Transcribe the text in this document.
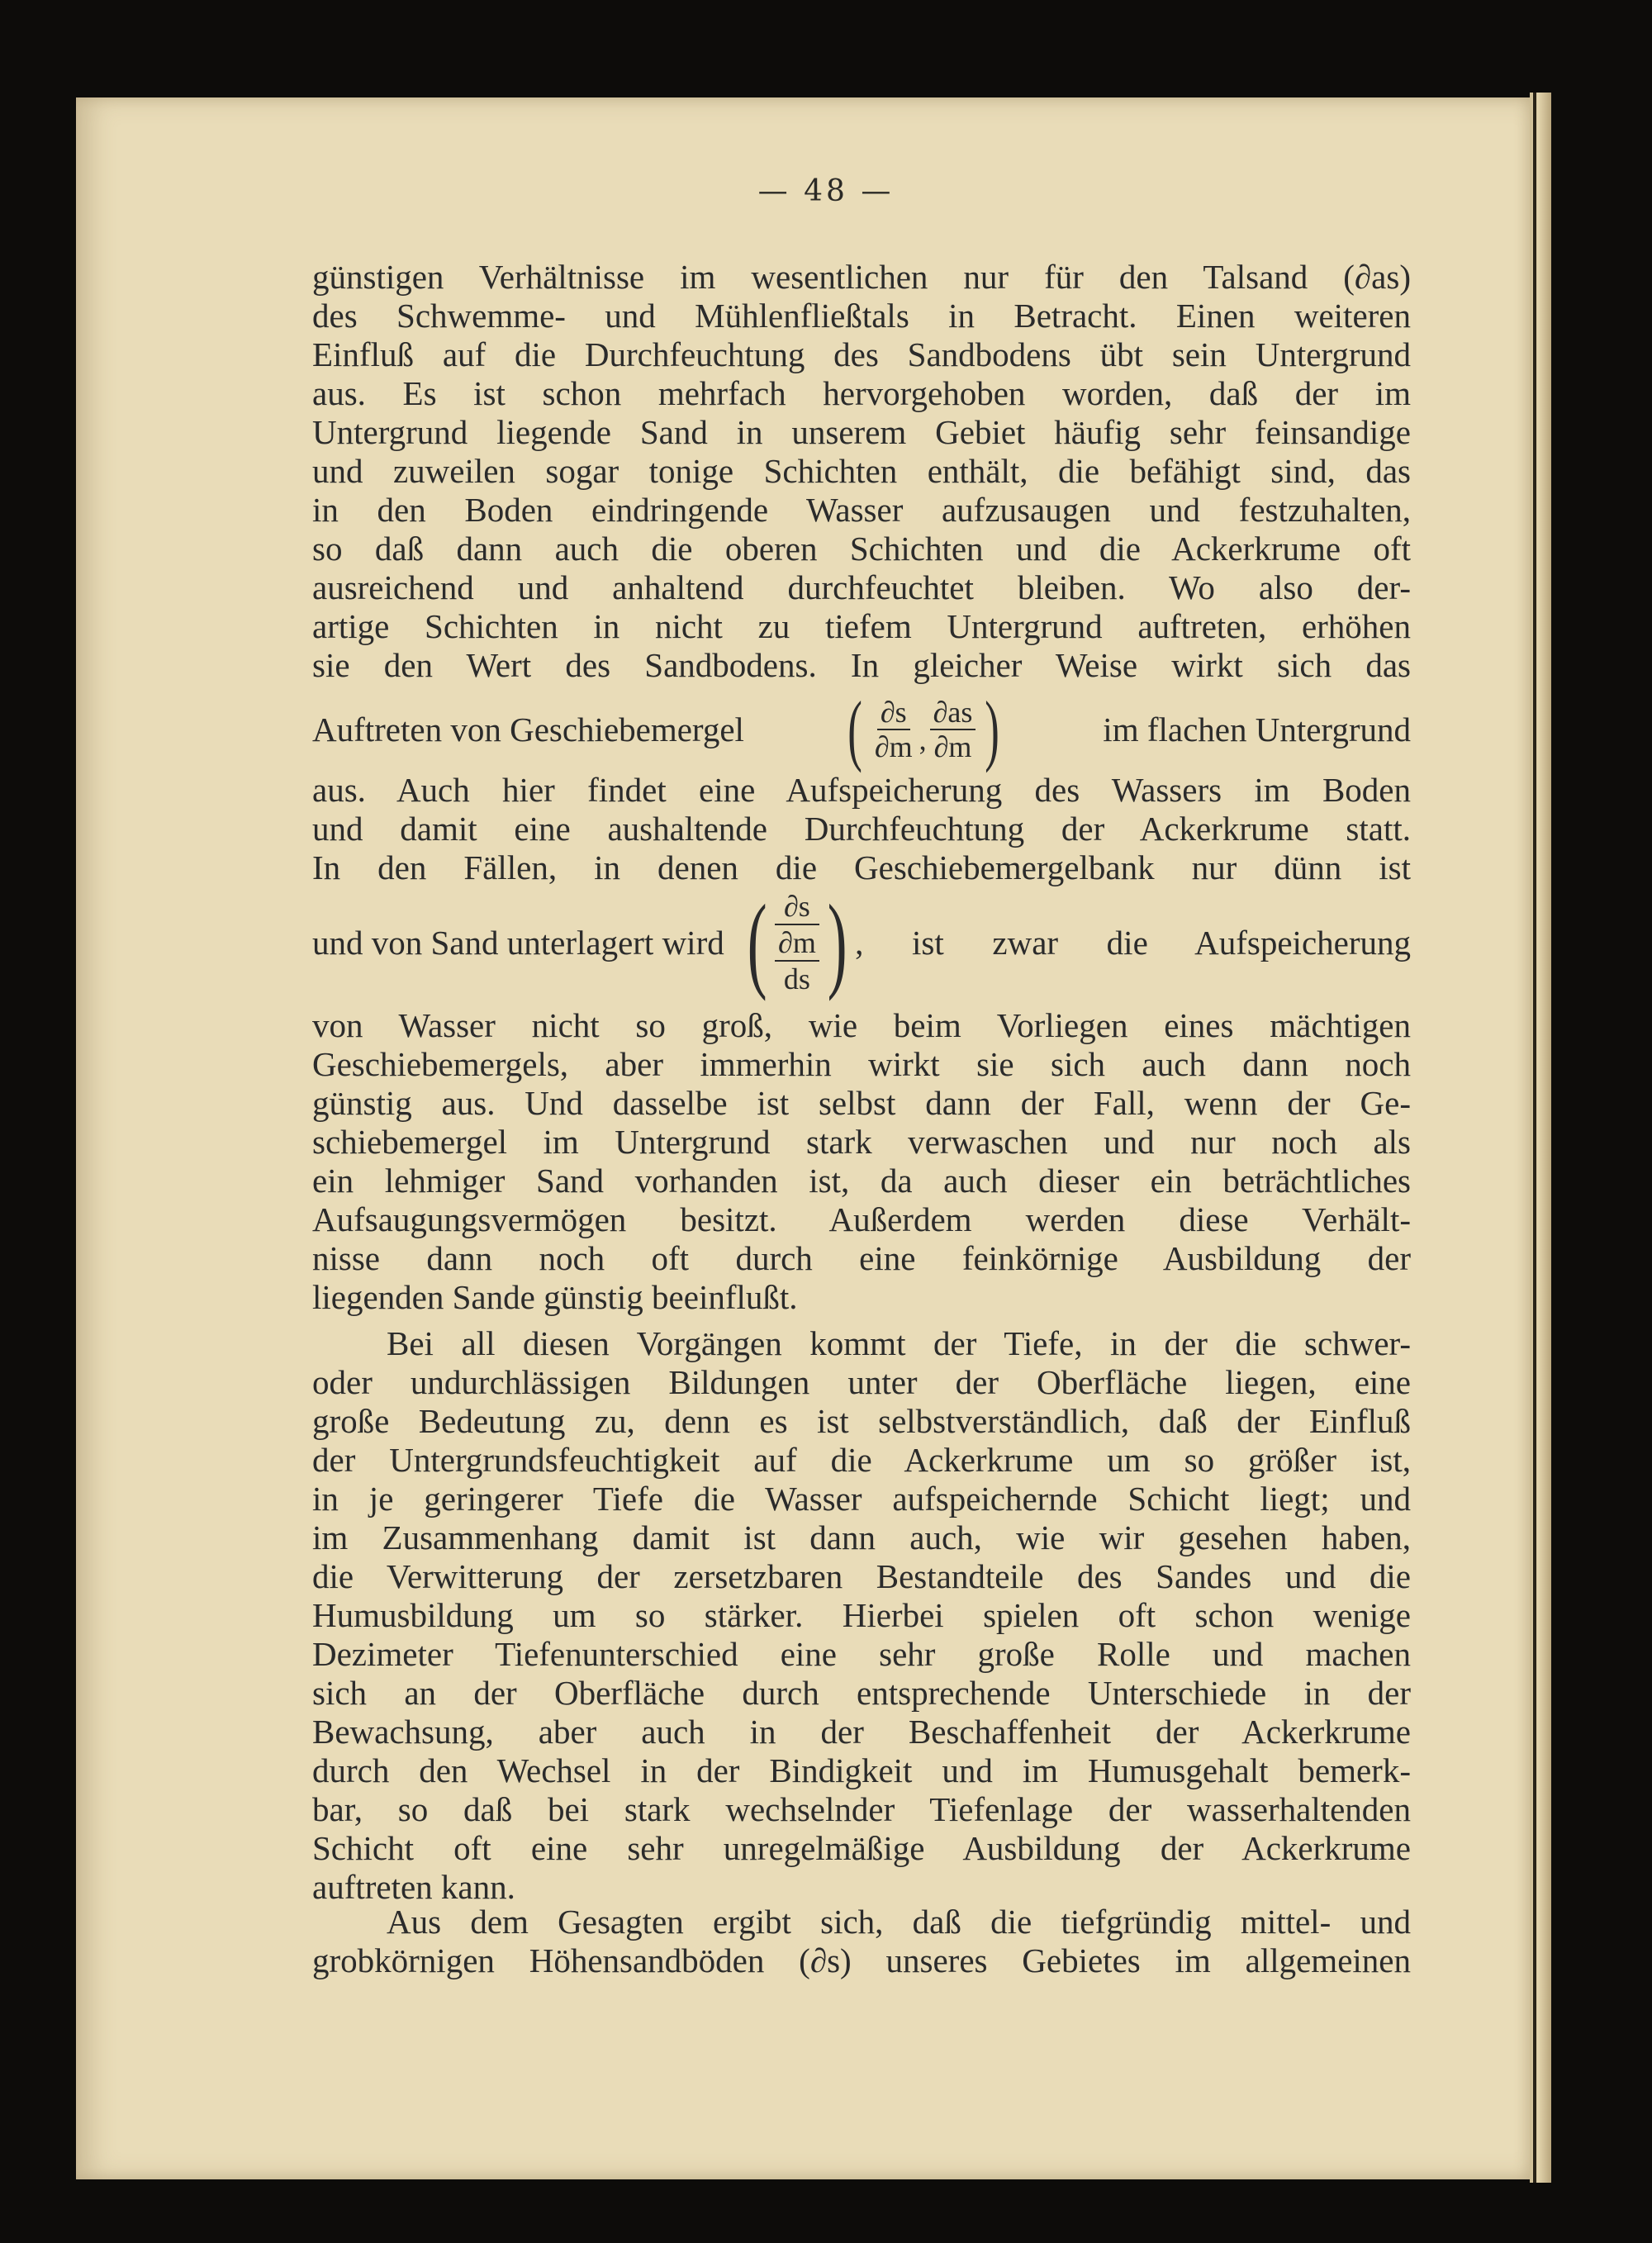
— 48 —
günstigen Verhältnisse im wesentlichen nur für den Talsand (∂as)
des Schwemme- und Mühlenfließtals in Betracht. Einen weiteren
Einfluß auf die Durchfeuchtung des Sandbodens übt sein Untergrund
aus. Es ist schon mehrfach hervorgehoben worden, daß der im
Untergrund liegende Sand in unserem Gebiet häufig sehr feinsandige
und zuweilen sogar tonige Schichten enthält, die befähigt sind, das
in den Boden eindringende Wasser aufzusaugen und festzuhalten,
so daß dann auch die oberen Schichten und die Ackerkrume oft
ausreichend und anhaltend durchfeuchtet bleiben. Wo also der-
artige Schichten in nicht zu tiefem Untergrund auftreten, erhöhen
sie den Wert des Sandbodens. In gleicher Weise wirkt sich das
Auftreten von Geschiebemergel ( $\frac{\partial s}{\partial m}$ , $\frac{\partial as}{\partial m}$ )	im flachen Untergrund
aus. Auch hier findet eine Aufspeicherung des Wassers im Boden
und damit eine aushaltende Durchfeuchtung der Ackerkrume statt.
In den Fällen, in denen die Geschiebemergelbank nur dünn ist
und von Sand unterlagert wird ( ∂s
∂m
ds ) , ist zwar die Aufspeicherung
von Wasser nicht so groß, wie beim Vorliegen eines mächtigen
Geschiebemergels, aber immerhin wirkt sie sich auch dann noch
günstig aus. Und dasselbe ist selbst dann der Fall, wenn der Ge-
schiebemergel im Untergrund stark verwaschen und nur noch als
ein lehmiger Sand vorhanden ist, da auch dieser ein beträchtliches
Aufsaugungsvermögen besitzt. Außerdem werden diese Verhält-
nisse dann noch oft durch eine feinkörnige Ausbildung der
liegenden Sande günstig beeinflußt.
Bei all diesen Vorgängen kommt der Tiefe, in der die schwer-
oder undurchlässigen Bildungen unter der Oberfläche liegen, eine
große Bedeutung zu, denn es ist selbstverständlich, daß der Einfluß
der Untergrundsfeuchtigkeit auf die Ackerkrume um so größer ist,
in je geringerer Tiefe die Wasser aufspeichernde Schicht liegt; und
im Zusammenhang damit ist dann auch, wie wir gesehen haben,
die Verwitterung der zersetzbaren Bestandteile des Sandes und die
Humusbildung um so stärker. Hierbei spielen oft schon wenige
Dezimeter Tiefenunterschied eine sehr große Rolle und machen
sich an der Oberfläche durch entsprechende Unterschiede in der
Bewachsung, aber auch in der Beschaffenheit der Ackerkrume
durch den Wechsel in der Bindigkeit und im Humusgehalt bemerk-
bar, so daß bei stark wechselnder Tiefenlage der wasserhaltenden
Schicht oft eine sehr unregelmäßige Ausbildung der Ackerkrume
auftreten kann.
Aus dem Gesagten ergibt sich, daß die tiefgründig mittel- und
grobkörnigen Höhensandböden (∂s) unseres Gebietes im allgemeinen
